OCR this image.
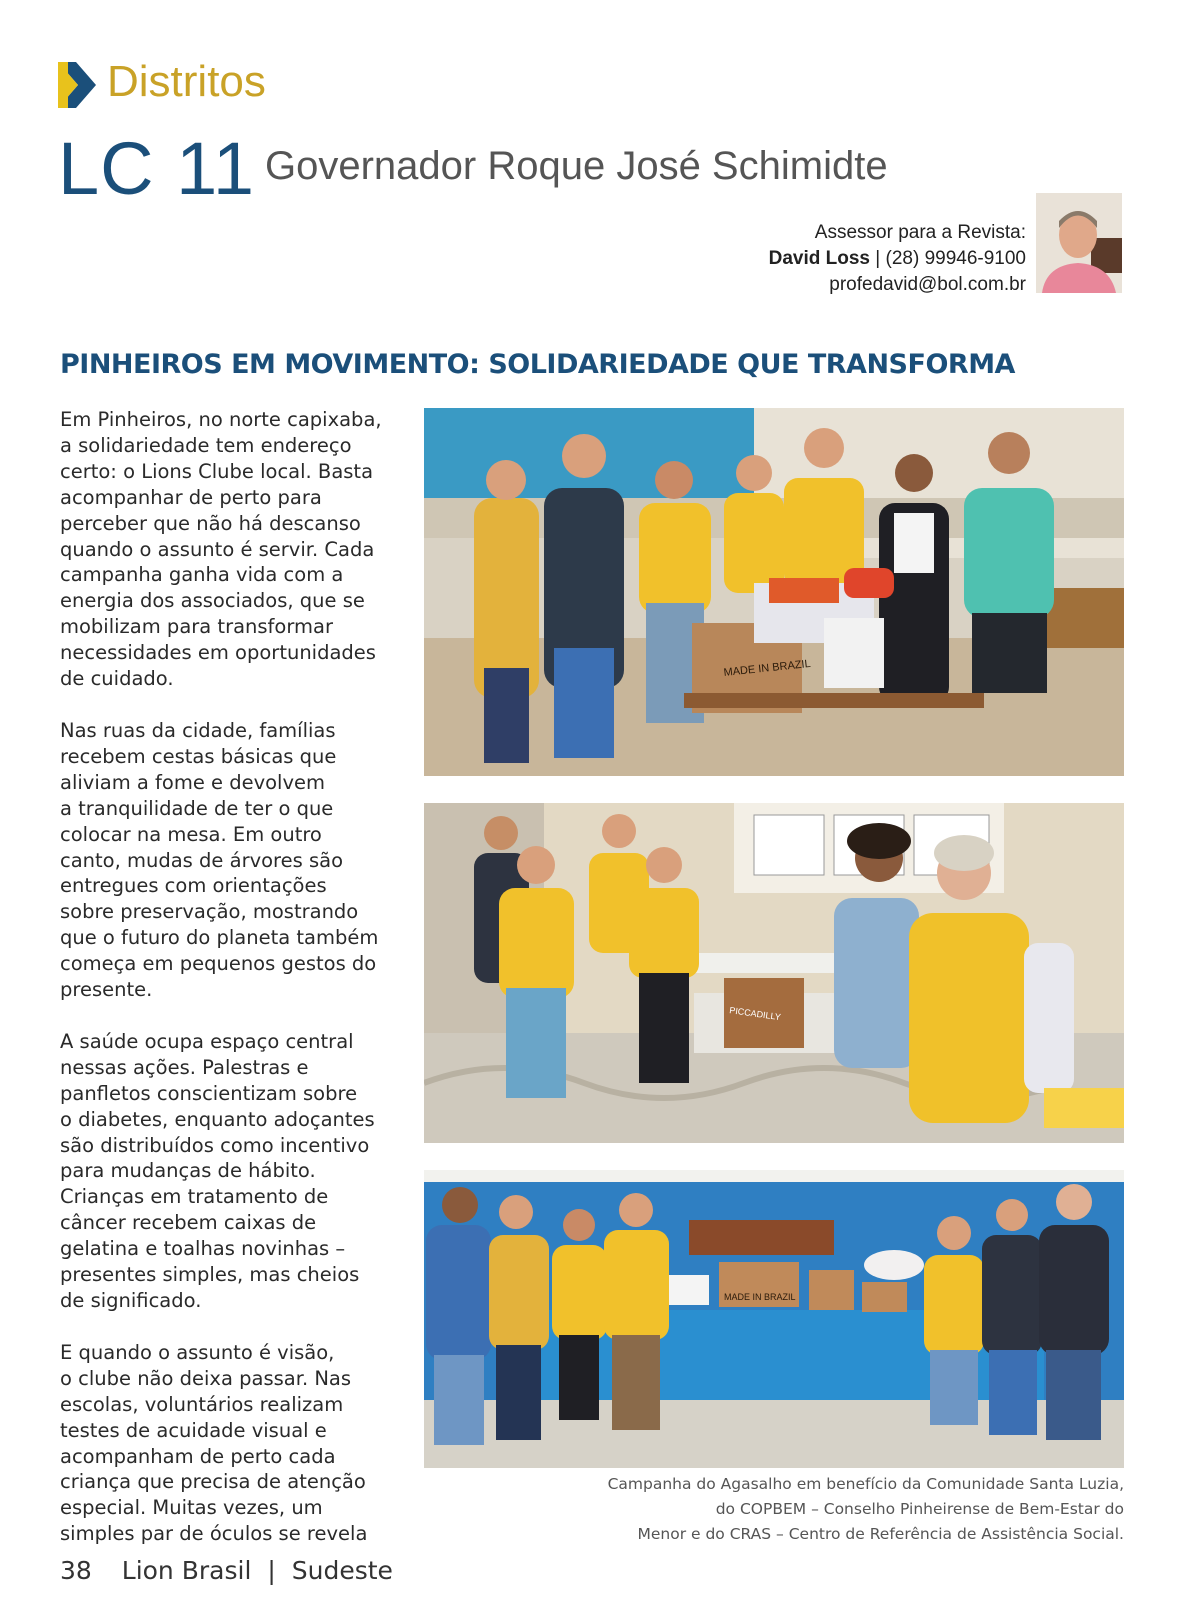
Distritos
LC 11 Governador Roque José Schimidte
Assessor para a Revista:
David Loss | (28) 99946-9100
profedavid@bol.com.br
PINHEIROS EM MOVIMENTO: SOLIDARIEDADE QUE TRANSFORMA

Em Pinheiros, no norte capixaba,
a solidariedade tem endereço
certo: o Lions Clube local. Basta
acompanhar de perto para
perceber que não há descanso
quando o assunto é servir. Cada
campanha ganha vida com a
energia dos associados, que se
mobilizam para transformar
necessidades em oportunidades
de cuidado.

Nas ruas da cidade, famílias
recebem cestas básicas que
aliviam a fome e devolvem
a tranquilidade de ter o que
colocar na mesa. Em outro
canto, mudas de árvores são
entregues com orientações
sobre preservação, mostrando
que o futuro do planeta também
começa em pequenos gestos do
presente.

A saúde ocupa espaço central
nessas ações. Palestras e
panfletos conscientizam sobre
o diabetes, enquanto adoçantes
são distribuídos como incentivo
para mudanças de hábito.
Crianças em tratamento de
câncer recebem caixas de
gelatina e toalhas novinhas –
presentes simples, mas cheios
de significado.

E quando o assunto é visão,
o clube não deixa passar. Nas
escolas, voluntários realizam
testes de acuidade visual e
acompanham de perto cada
criança que precisa de atenção
especial. Muitas vezes, um
simples par de óculos se revela

MADE IN BRAZIL
PICCADILLY
MADE IN BRAZIL
Campanha do Agasalho em benefício da Comunidade Santa Luzia,
do COPBEM – Conselho Pinheirense de Bem-Estar do
Menor e do CRAS – Centro de Referência de Assistência Social.
38 Lion Brasil | Sudeste
